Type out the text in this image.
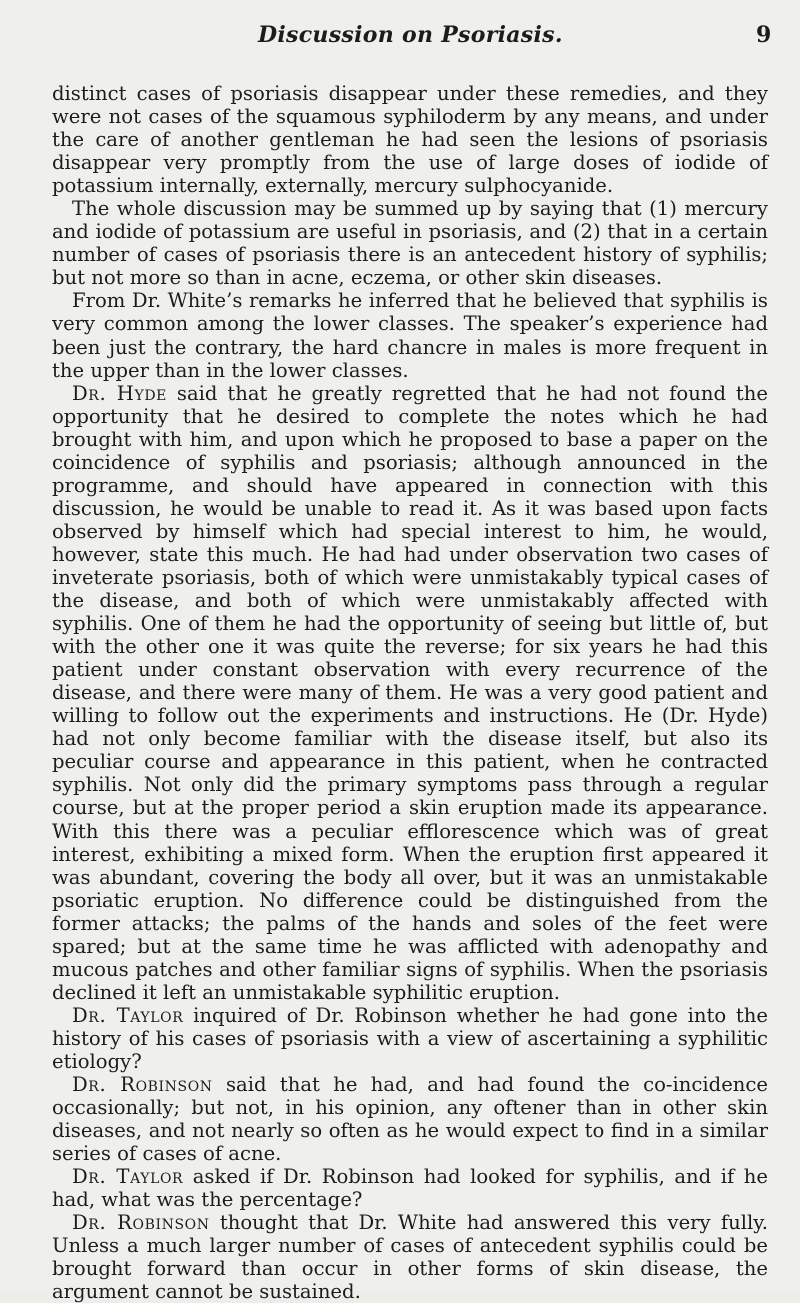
Discussion on Psoriasis.	9

distinct cases of psoriasis disappear under these remedies, and they were not cases of the squamous syphiloderm by any means, and under the care of another gentleman he had seen the lesions of psoriasis disappear very promptly from the use of large doses of iodide of potassium internally, externally, mercury sulphocyanide.

The whole discussion may be summed up by saying that (1) mercury and iodide of potassium are useful in psoriasis, and (2) that in a certain number of cases of psoriasis there is an antecedent history of syphilis; but not more so than in acne, eczema, or other skin diseases.

From Dr. White’s remarks he inferred that he believed that syphilis is very common among the lower classes. The speaker’s experience had been just the contrary, the hard chancre in males is more frequent in the upper than in the lower classes.

Dr. Hyde said that he greatly regretted that he had not found the opportunity that he desired to complete the notes which he had brought with him, and upon which he proposed to base a paper on the coincidence of syphilis and psoriasis; although announced in the programme, and should have appeared in connection with this discussion, he would be unable to read it. As it was based upon facts observed by himself which had special interest to him, he would, however, state this much. He had had under observation two cases of inveterate psoriasis, both of which were unmistakably typical cases of the disease, and both of which were unmistakably affected with syphilis. One of them he had the opportunity of seeing but little of, but with the other one it was quite the reverse; for six years he had this patient under constant observation with every recurrence of the disease, and there were many of them. He was a very good patient and willing to follow out the experiments and instructions. He (Dr. Hyde) had not only become familiar with the disease itself, but also its peculiar course and appearance in this patient, when he contracted syphilis. Not only did the primary symptoms pass through a regular course, but at the proper period a skin eruption made its appearance. With this there was a peculiar efflorescence which was of great interest, exhibiting a mixed form. When the eruption first appeared it was abundant, covering the body all over, but it was an unmistakable psoriatic eruption. No difference could be distinguished from the former attacks; the palms of the hands and soles of the feet were spared; but at the same time he was afflicted with adenopathy and mucous patches and other familiar signs of syphilis. When the psoriasis declined it left an unmistakable syphilitic eruption.

Dr. Taylor inquired of Dr. Robinson whether he had gone into the history of his cases of psoriasis with a view of ascertaining a syphilitic etiology?

Dr. Robinson said that he had, and had found the co-incidence occasionally; but not, in his opinion, any oftener than in other skin diseases, and not nearly so often as he would expect to find in a similar series of cases of acne.

Dr. Taylor asked if Dr. Robinson had looked for syphilis, and if he had, what was the percentage?

Dr. Robinson thought that Dr. White had answered this very fully. Unless a much larger number of cases of antecedent syphilis could be brought forward than occur in other forms of skin disease, the argument cannot be sustained.
